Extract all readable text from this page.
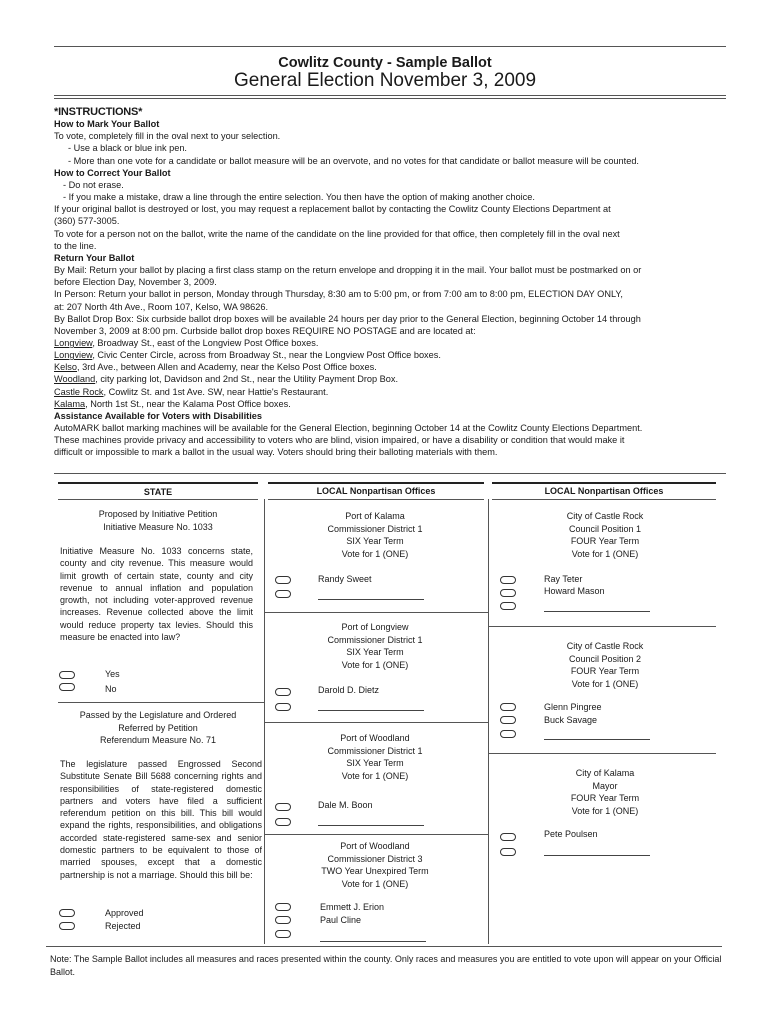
Cowlitz County - Sample Ballot
General Election November 3, 2009
*INSTRUCTIONS*
How to Mark Your Ballot
To vote, completely fill in the oval next to your selection.
- Use a black or blue ink pen.
- More than one vote for a candidate or ballot measure will be an overvote, and no votes for that candidate or ballot measure will be counted.
How to Correct Your Ballot
- Do not erase.
- If you make a mistake, draw a line through the entire selection. You then have the option of making another choice.
If your original ballot is destroyed or lost, you may request a replacement ballot by contacting the Cowlitz County Elections Department at
(360) 577-3005.
To vote for a person not on the ballot, write the name of the candidate on the line provided for that office, then completely fill in the oval next
to the line.
Return Your Ballot
By Mail: Return your ballot by placing a first class stamp on the return envelope and dropping it in the mail. Your ballot must be postmarked on or
before Election Day, November 3, 2009.
In Person: Return your ballot in person, Monday through Thursday, 8:30 am to 5:00 pm, or from 7:00 am to 8:00 pm, ELECTION DAY ONLY,
at: 207 North 4th Ave., Room 107, Kelso, WA 98626.
By Ballot Drop Box: Six curbside ballot drop boxes will be available 24 hours per day prior to the General Election, beginning October 14 through
November 3, 2009 at 8:00 pm. Curbside ballot drop boxes REQUIRE NO POSTAGE and are located at:
Longview, Broadway St., east of the Longview Post Office boxes.
Longview, Civic Center Circle, across from Broadway St., near the Longview Post Office boxes.
Kelso, 3rd Ave., between Allen and Academy, near the Kelso Post Office boxes.
Woodland, city parking lot, Davidson and 2nd St., near the Utility Payment Drop Box.
Castle Rock, Cowlitz St. and 1st Ave. SW, near Hattie's Restaurant.
Kalama, North 1st St., near the Kalama Post Office boxes.
Assistance Available for Voters with Disabilities
AutoMARK ballot marking machines will be available for the General Election, beginning October 14 at the Cowlitz County Elections Department.
These machines provide privacy and accessibility to voters who are blind, vision impaired, or have a disability or condition that would make it
difficult or impossible to mark a ballot in the usual way. Voters should bring their balloting materials with them.
STATE	LOCAL Nonpartisan Offices	LOCAL Nonpartisan Offices
Proposed by Initiative Petition
Initiative Measure No. 1033
Initiative Measure No. 1033 concerns state, county and city revenue. This measure would limit growth of certain state, county and city revenue to annual inflation and population growth, not including voter-approved revenue increases. Revenue collected above the limit would reduce property tax levies. Should this measure be enacted into law?
Yes
No
Passed by the Legislature and Ordered
Referred by Petition
Referendum Measure No. 71
The legislature passed Engrossed Second Substitute Senate Bill 5688 concerning rights and responsibilities of state-registered domestic partners and voters have filed a sufficient referendum petition on this bill. This bill would expand the rights, responsibilities, and obligations accorded state-registered same-sex and senior domestic partners to be equivalent to those of married spouses, except that a domestic partnership is not a marriage. Should this bill be:
Approved
Rejected
Port of Kalama
Commissioner District 1
SIX Year Term
Vote for 1 (ONE)
Randy Sweet
Port of Longview
Commissioner District 1
SIX Year Term
Vote for 1 (ONE)
Darold D. Dietz
Port of Woodland
Commissioner District 1
SIX Year Term
Vote for 1 (ONE)
Dale M. Boon
Port of Woodland
Commissioner District 3
TWO Year Unexpired Term
Vote for 1 (ONE)
Emmett J. Erion
Paul Cline
City of Castle Rock
Council Position 1
FOUR Year Term
Vote for 1 (ONE)
Ray Teter
Howard Mason
City of Castle Rock
Council Position 2
FOUR Year Term
Vote for 1 (ONE)
Glenn Pingree
Buck Savage
City of Kalama
Mayor
FOUR Year Term
Vote for 1 (ONE)
Pete Poulsen
Note: The Sample Ballot includes all measures and races presented within the county. Only races and measures you are entitled to vote upon will appear on your Official Ballot.
